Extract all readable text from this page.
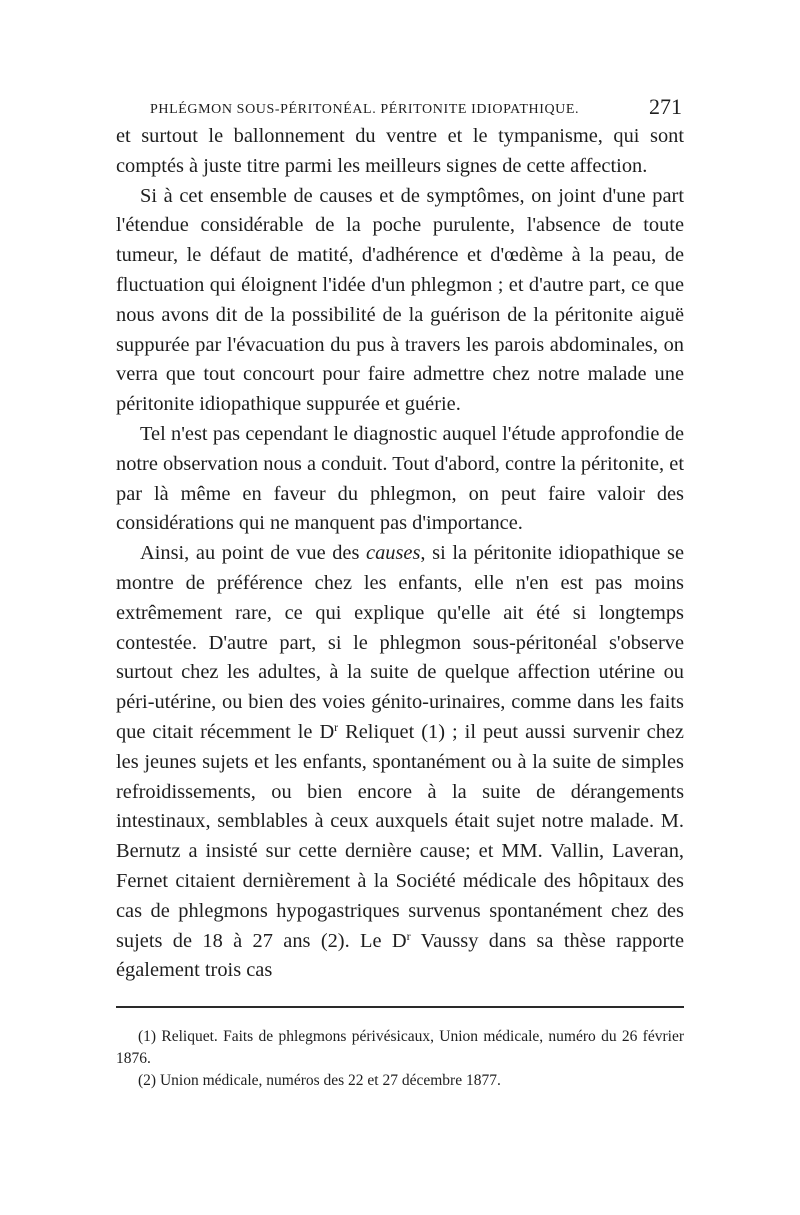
PHLÉGMON SOUS-PÉRITONÉAL. PÉRITONITE IDIOPATHIQUE.	271

et surtout le ballonnement du ventre et le tympanisme, qui sont comptés à juste titre parmi les meilleurs signes de cette affection.

Si à cet ensemble de causes et de symptômes, on joint d'une part l'étendue considérable de la poche purulente, l'absence de toute tumeur, le défaut de matité, d'adhérence et d'œdème à la peau, de fluctuation qui éloignent l'idée d'un phlegmon ; et d'autre part, ce que nous avons dit de la possibilité de la guérison de la péritonite aiguë suppurée par l'évacuation du pus à travers les parois abdominales, on verra que tout concourt pour faire admettre chez notre malade une péritonite idiopathique suppurée et guérie.

Tel n'est pas cependant le diagnostic auquel l'étude approfondie de notre observation nous a conduit. Tout d'abord, contre la péritonite, et par là même en faveur du phlegmon, on peut faire valoir des considérations qui ne manquent pas d'importance.

Ainsi, au point de vue des causes, si la péritonite idiopathique se montre de préférence chez les enfants, elle n'en est pas moins extrêmement rare, ce qui explique qu'elle ait été si longtemps contestée. D'autre part, si le phlegmon sous-péritonéal s'observe surtout chez les adultes, à la suite de quelque affection utérine ou péri-utérine, ou bien des voies génito-urinaires, comme dans les faits que citait récemment le $D^r$ Reliquet (1) ; il peut aussi survenir chez les jeunes sujets et les enfants, spontanément ou à la suite de simples refroidissements, ou bien encore à la suite de dérangements intestinaux, semblables à ceux auxquels était sujet notre malade. M. Bernutz a insisté sur cette dernière cause; et MM. Vallin, Laveran, Fernet citaient dernièrement à la Société médicale des hôpitaux des cas de phlegmons hypogastriques survenus spontanément chez des sujets de 18 à 27 ans (2). Le $D^r$ Vaussy dans sa thèse rapporte également trois cas

(1) Reliquet. Faits de phlegmons périvésicaux, Union médicale, numéro du 26 février 1876.

(2) Union médicale, numéros des 22 et 27 décembre 1877.
